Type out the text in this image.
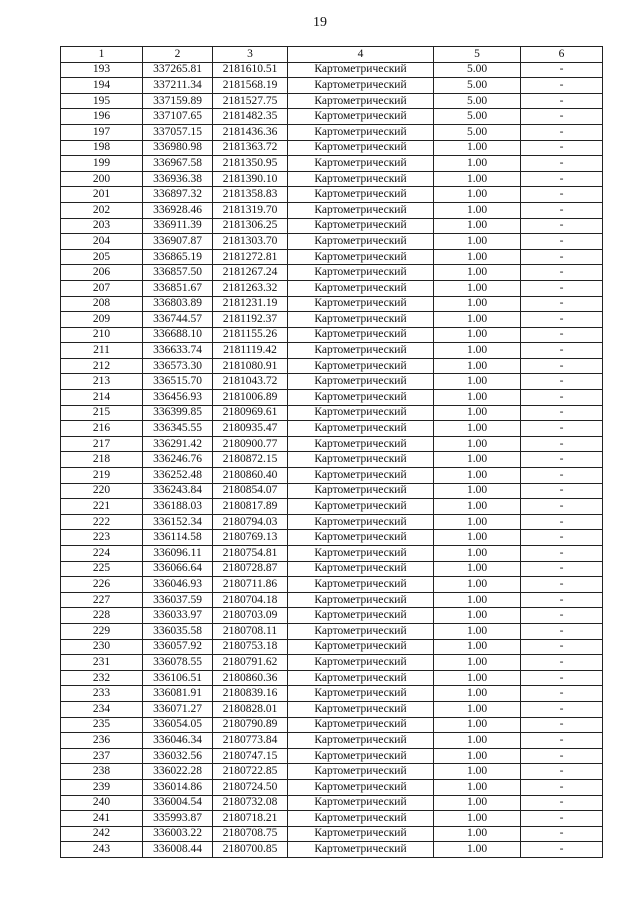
19
1	2	3	4	5	6
193	337265.81	2181610.51	Картометрический	5.00	-
194	337211.34	2181568.19	Картометрический	5.00	-
195	337159.89	2181527.75	Картометрический	5.00	-
196	337107.65	2181482.35	Картометрический	5.00	-
197	337057.15	2181436.36	Картометрический	5.00	-
198	336980.98	2181363.72	Картометрический	1.00	-
199	336967.58	2181350.95	Картометрический	1.00	-
200	336936.38	2181390.10	Картометрический	1.00	-
201	336897.32	2181358.83	Картометрический	1.00	-
202	336928.46	2181319.70	Картометрический	1.00	-
203	336911.39	2181306.25	Картометрический	1.00	-
204	336907.87	2181303.70	Картометрический	1.00	-
205	336865.19	2181272.81	Картометрический	1.00	-
206	336857.50	2181267.24	Картометрический	1.00	-
207	336851.67	2181263.32	Картометрический	1.00	-
208	336803.89	2181231.19	Картометрический	1.00	-
209	336744.57	2181192.37	Картометрический	1.00	-
210	336688.10	2181155.26	Картометрический	1.00	-
211	336633.74	2181119.42	Картометрический	1.00	-
212	336573.30	2181080.91	Картометрический	1.00	-
213	336515.70	2181043.72	Картометрический	1.00	-
214	336456.93	2181006.89	Картометрический	1.00	-
215	336399.85	2180969.61	Картометрический	1.00	-
216	336345.55	2180935.47	Картометрический	1.00	-
217	336291.42	2180900.77	Картометрический	1.00	-
218	336246.76	2180872.15	Картометрический	1.00	-
219	336252.48	2180860.40	Картометрический	1.00	-
220	336243.84	2180854.07	Картометрический	1.00	-
221	336188.03	2180817.89	Картометрический	1.00	-
222	336152.34	2180794.03	Картометрический	1.00	-
223	336114.58	2180769.13	Картометрический	1.00	-
224	336096.11	2180754.81	Картометрический	1.00	-
225	336066.64	2180728.87	Картометрический	1.00	-
226	336046.93	2180711.86	Картометрический	1.00	-
227	336037.59	2180704.18	Картометрический	1.00	-
228	336033.97	2180703.09	Картометрический	1.00	-
229	336035.58	2180708.11	Картометрический	1.00	-
230	336057.92	2180753.18	Картометрический	1.00	-
231	336078.55	2180791.62	Картометрический	1.00	-
232	336106.51	2180860.36	Картометрический	1.00	-
233	336081.91	2180839.16	Картометрический	1.00	-
234	336071.27	2180828.01	Картометрический	1.00	-
235	336054.05	2180790.89	Картометрический	1.00	-
236	336046.34	2180773.84	Картометрический	1.00	-
237	336032.56	2180747.15	Картометрический	1.00	-
238	336022.28	2180722.85	Картометрический	1.00	-
239	336014.86	2180724.50	Картометрический	1.00	-
240	336004.54	2180732.08	Картометрический	1.00	-
241	335993.87	2180718.21	Картометрический	1.00	-
242	336003.22	2180708.75	Картометрический	1.00	-
243	336008.44	2180700.85	Картометрический	1.00	-
